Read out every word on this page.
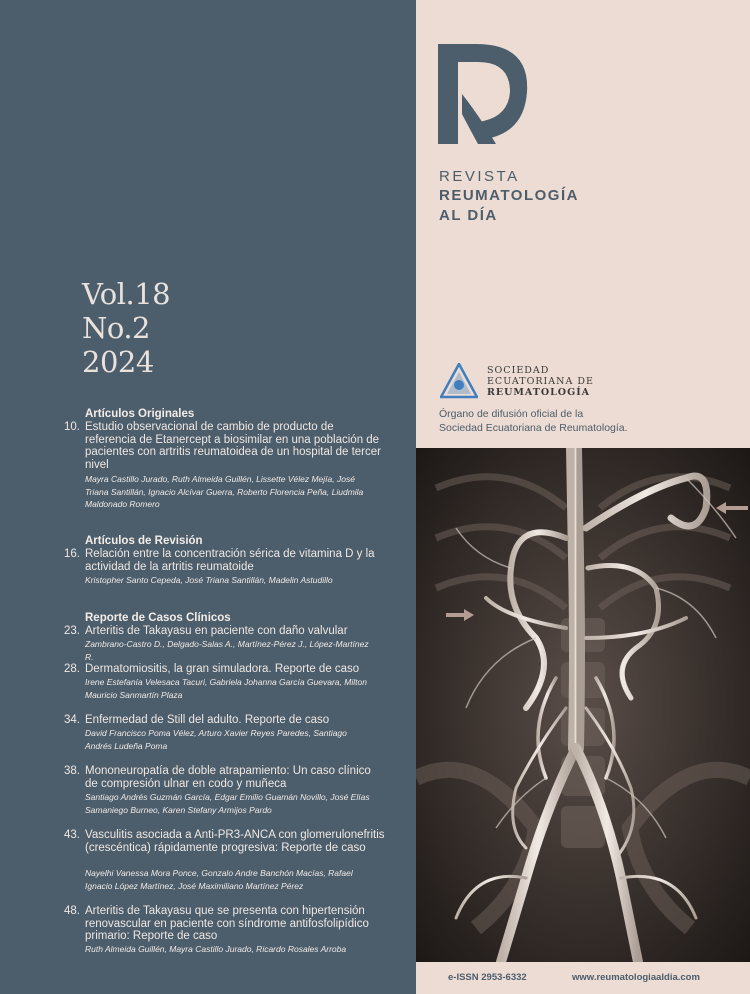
REVISTA
REUMATOLOGÍA
AL DÍA
Vol.18
No.2
2024	SOCIEDAD
ECUATORIANA DE
REUMATOLOGÍA
Órgano de difusión oficial de la
Sociedad Ecuatoriana de Reumatología.
Artículos Originales
10. Estudio observacional de cambio de producto de referencia de Etanercept a biosimilar en una población de pacientes con artritis reumatoidea de un hospital de tercer nivel
Mayra Castillo Jurado, Ruth Almeida Guillén, Lissette Vélez Mejía, José Triana Santillán, Ignacio Alcívar Guerra, Roberto Florencia Peña, Liudmila Maldonado Romero
Artículos de Revisión
16. Relación entre la concentración sérica de vitamina D y la actividad de la artritis reumatoide
Kristopher Santo Cepeda, José Triana Santillán, Madelin Astudillo
Reporte de Casos Clínicos
23. Arteritis de Takayasu en paciente con daño valvular
Zambrano-Castro D., Delgado-Salas A., Martínez-Pérez J., López-Martínez R.
28. Dermatomiositis, la gran simuladora. Reporte de caso
Irene Estefanía Velesaca Tacuri, Gabriela Johanna García Guevara, Milton Mauricio Sanmartín Plaza
34. Enfermedad de Still del adulto. Reporte de caso
David Francisco Poma Vélez, Arturo Xavier Reyes Paredes, Santiago Andrés Ludeña Poma
38. Mononeuropatía de doble atrapamiento: Un caso clínico de compresión ulnar en codo y muñeca
Santiago Andrés Guzmán García, Edgar Emilio Guamán Novillo, José Elías Samaniego Burneo, Karen Stefany Armijos Pardo
43. Vasculitis asociada a Anti-PR3-ANCA con glomerulonefritis (crescéntica) rápidamente progresiva: Reporte de caso
Nayelhi Vanessa Mora Ponce, Gonzalo Andre Banchón Macías, Rafael Ignacio López Martínez, José Maximiliano Martínez Pérez
48. Arteritis de Takayasu que se presenta con hipertensión renovascular en paciente con síndrome antifosfolipídico primario: Reporte de caso
Ruth Almeida Guillén, Mayra Castillo Jurado, Ricardo Rosales Arroba
e-ISSN 2953-6332	www.reumatologiaaldia.com
